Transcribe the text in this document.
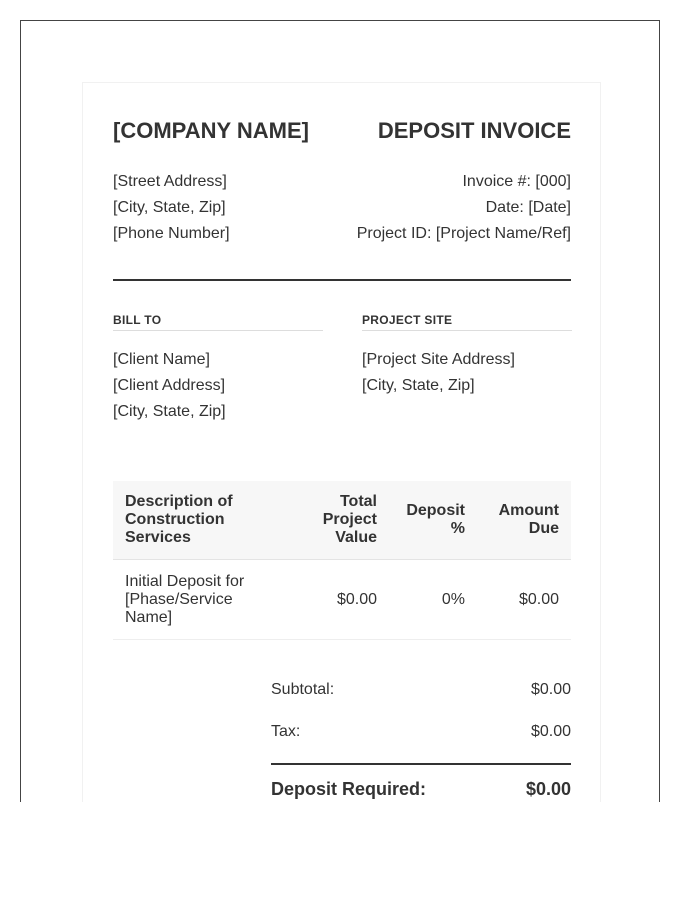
[COMPANY NAME]	DEPOSIT INVOICE
[Street Address]
[City, State, Zip]
[Phone Number]
Invoice #: [000]
Date: [Date]
Project ID: [Project Name/Ref]
BILL TO
[Client Name]
[Client Address]
[City, State, Zip]
PROJECT SITE
[Project Site Address]
[City, State, Zip]
Description of Construction Services	Total Project Value	Deposit %	Amount Due
Initial Deposit for [Phase/Service Name]	$0.00	0%	$0.00
Subtotal:	$0.00
Tax:	$0.00
Deposit Required:	$0.00
